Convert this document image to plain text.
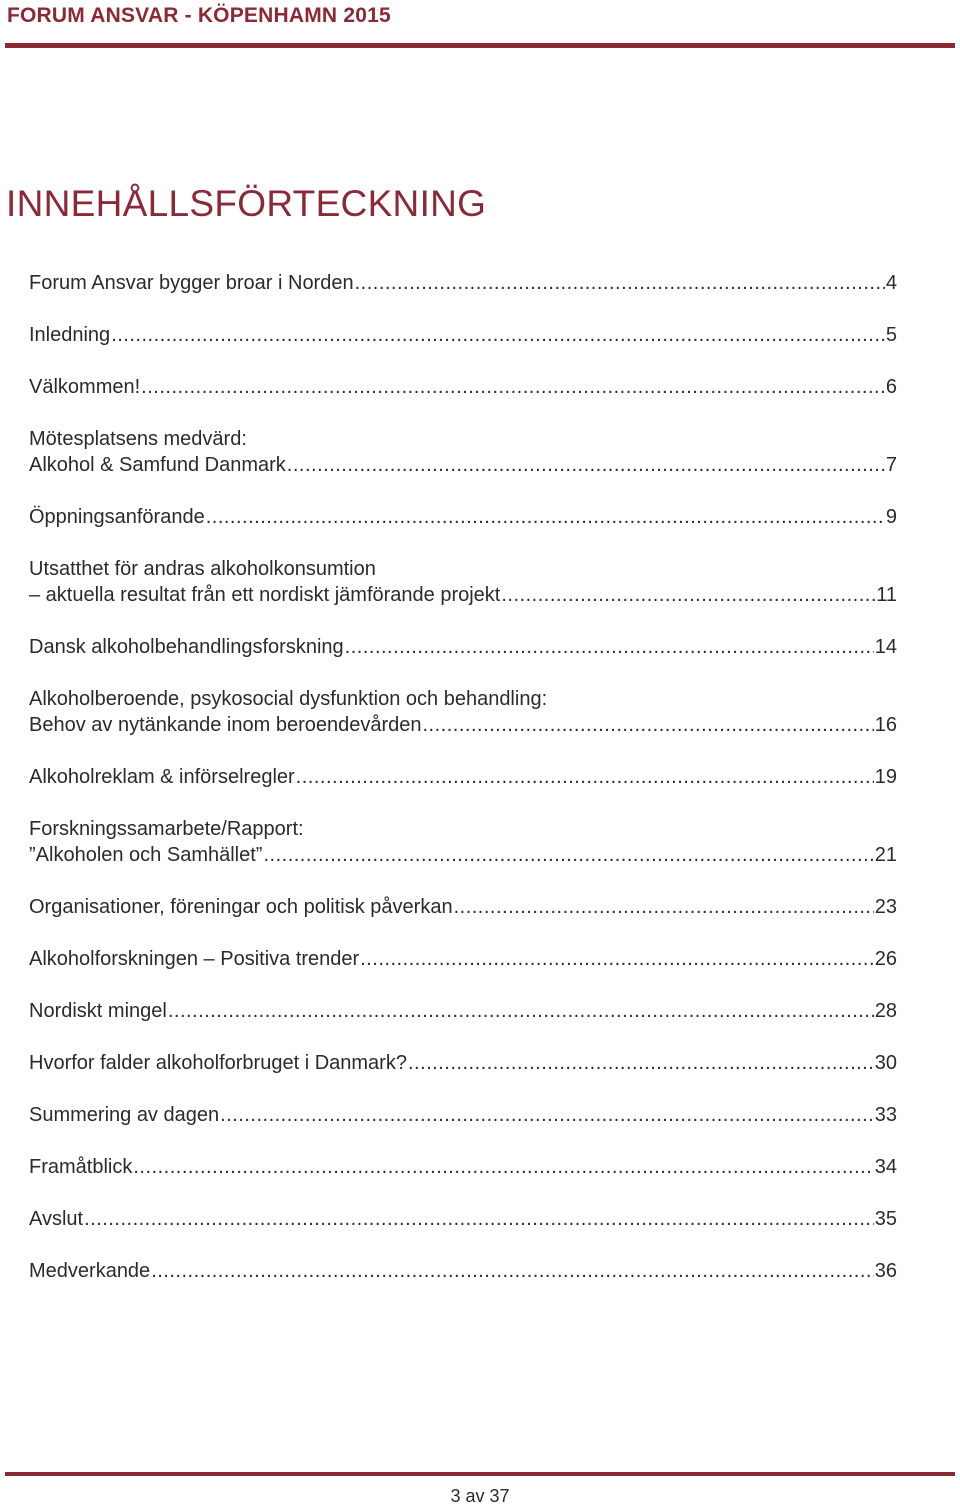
FORUM ANSVAR - KÖPENHAMN 2015
INNEHÅLLSFÖRTECKNING
Forum Ansvar bygger broar i Norden .....	4
Inledning .....	5
Välkommen! .....	6
Mötesplatsens medvärd:
Alkohol & Samfund Danmark .....	7
Öppningsanförande .....	9
Utsatthet för andras alkoholkonsumtion
– aktuella resultat från ett nordiskt jämförande projekt .....	11
Dansk alkoholbehandlingsforskning .....	14
Alkoholberoende, psykosocial dysfunktion och behandling:
Behov av nytänkande inom beroendevården .....	16
Alkoholreklam & införselregler .....	19
Forskningssamarbete/Rapport:
”Alkoholen och Samhället” .....	21
Organisationer, föreningar och politisk påverkan .....	23
Alkoholforskningen – Positiva trender .....	26
Nordiskt mingel .....	28
Hvorfor falder alkoholforbruget i Danmark? .....	30
Summering av dagen .....	33
Framåtblick .....	34
Avslut .....	35
Medverkande .....	36
3 av 37
